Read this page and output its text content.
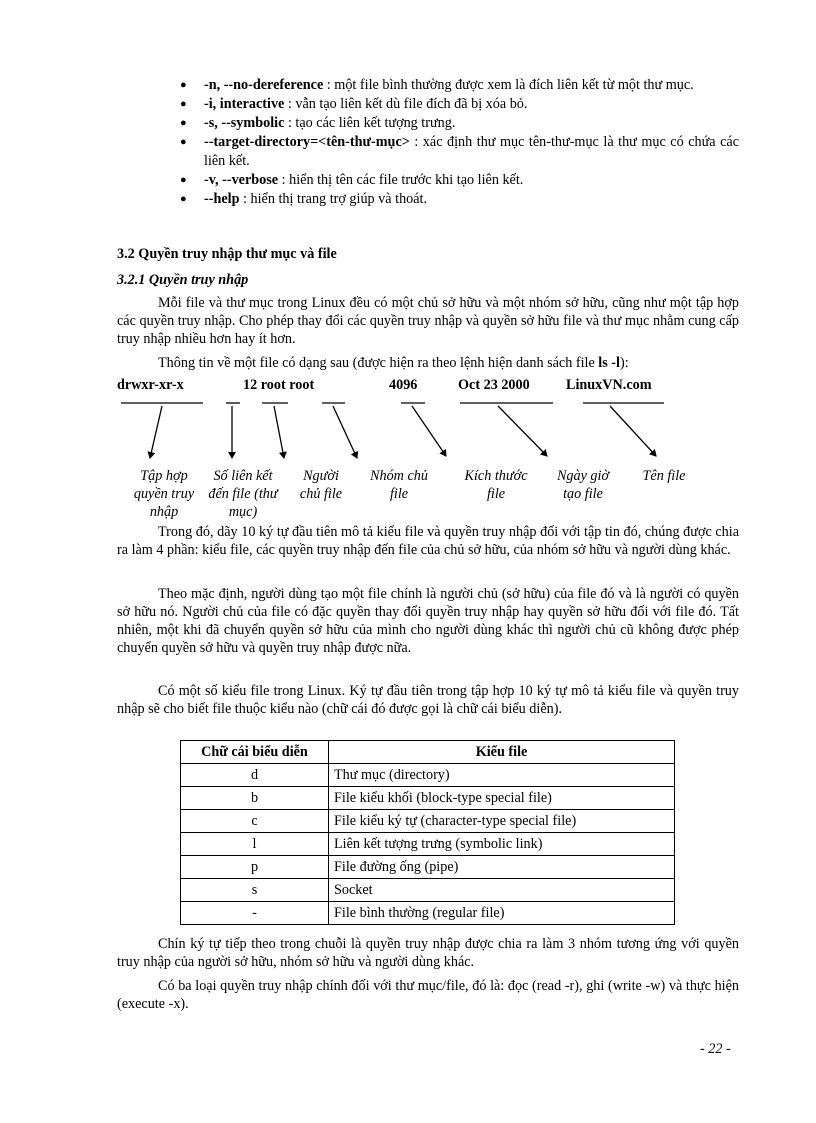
● -n, --no-dereference : một file bình thường được xem là đích liên kết từ một thư mục.
● -i, interactive : vẫn tạo liên kết dù file đích đã bị xóa bỏ.
● -s, --symbolic : tạo các liên kết tượng trưng.
● --target-directory=<tên-thư-mục> : xác định thư mục tên-thư-mục là thư mục có chứa các liên kết.
● -v, --verbose : hiển thị tên các file trước khi tạo liên kết.
● --help : hiển thị trang trợ giúp và thoát.
3.2 Quyền truy nhập thư mục và file
3.2.1 Quyền truy nhập

Mỗi file và thư mục trong Linux đều có một chủ sở hữu và một nhóm sở hữu, cũng như một tập hợp các quyền truy nhập. Cho phép thay đổi các quyền truy nhập và quyền sở hữu file và thư mục nhằm cung cấp truy nhập nhiều hơn hay ít hơn.

Thông tin về một file có dạng sau (được hiện ra theo lệnh hiện danh sách file ls -l):

drwxr-xr-x	12 root root	4096	Oct 23 2000	LinuxVN.com
Tập hợp quyền truy nhập
Số liên kết đến file (thư mục)
Người chủ file
Nhóm chủ file
Kích thước file
Ngày giờ tạo file
Tên file

Trong đó, dãy 10 ký tự đầu tiên mô tả kiểu file và quyền truy nhập đối với tập tin đó, chúng được chia ra làm 4 phần: kiểu file, các quyền truy nhập đến file của chủ sở hữu, của nhóm sở hữu và người dùng khác.

Theo mặc định, người dùng tạo một file chính là người chủ (sở hữu) của file đó và là người có quyền sở hữu nó. Người chủ của file có đặc quyền thay đổi quyền truy nhập hay quyền sở hữu đối với file đó. Tất nhiên, một khi đã chuyển quyền sở hữu của mình cho người dùng khác thì người chủ cũ không được phép chuyển quyền sở hữu và quyền truy nhập được nữa.

Có một số kiểu file trong Linux. Ký tự đầu tiên trong tập hợp 10 ký tự mô tả kiểu file và quyền truy nhập sẽ cho biết file thuộc kiểu nào (chữ cái đó được gọi là chữ cái biểu diễn).

Chữ cái biểu diễn	Kiểu file
d	Thư mục (directory)
b	File kiểu khối (block-type special file)
c	File kiểu ký tự (character-type special file)
l	Liên kết tượng trưng (symbolic link)
p	File đường ống (pipe)
s	Socket
-	File bình thường (regular file)

Chín ký tự tiếp theo trong chuỗi là quyền truy nhập được chia ra làm 3 nhóm tương ứng với quyền truy nhập của người sở hữu, nhóm sở hữu và người dùng khác.

Có ba loại quyền truy nhập chính đối với thư mục/file, đó là: đọc (read -r), ghi (write -w) và thực hiện (execute -x).

- 22 -
